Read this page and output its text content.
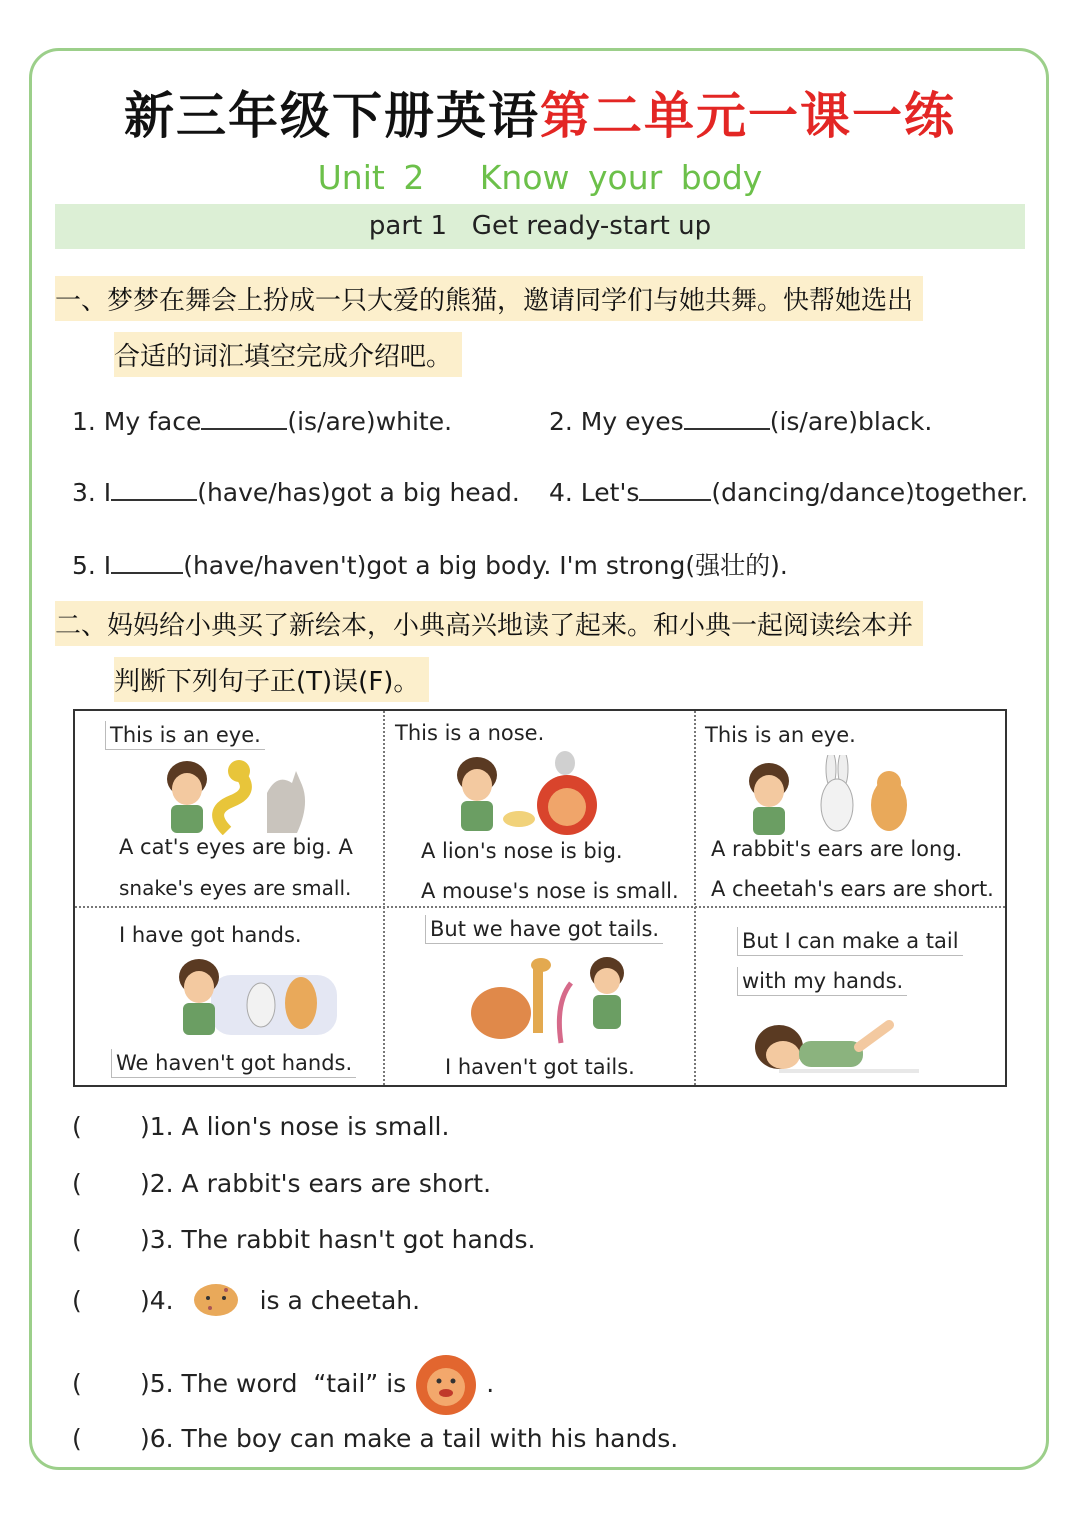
新三年级下册英语第二单元一课一练
Unit 2   Know your body
part 1   Get ready-start up
一、梦梦在舞会上扮成一只大爱的熊猫，邀请同学们与她共舞。快帮她选出
合适的词汇填空完成介绍吧。
1. My face	(is/are)white.	2. My eyes	(is/are)black.
3. I	(have/has)got a big head. 4. Let's	(dancing/dance)together.
5. I	(have/haven't)got a big body. I'm strong(强壮的).
二、妈妈给小典买了新绘本，小典高兴地读了起来。和小典一起阅读绘本并
判断下列句子正(T)误(F)。
This is an eye.
A cat's eyes are big. A
snake's eyes are small.
This is a nose.
A lion's nose is big.
A mouse's nose is small.
This is an eye.
A rabbit's ears are long.
A cheetah's ears are short.
I have got hands.
We haven't got hands.
But we have got tails.
I haven't got tails.
But I can make a tail
with my hands.
( )1. A lion's nose is small.
( )2. A rabbit's ears are short.
( )3. The rabbit hasn't got hands.
( )4.	is a cheetah.
( )5. The word  “tail” is	.
( )6. The boy can make a tail with his hands.
